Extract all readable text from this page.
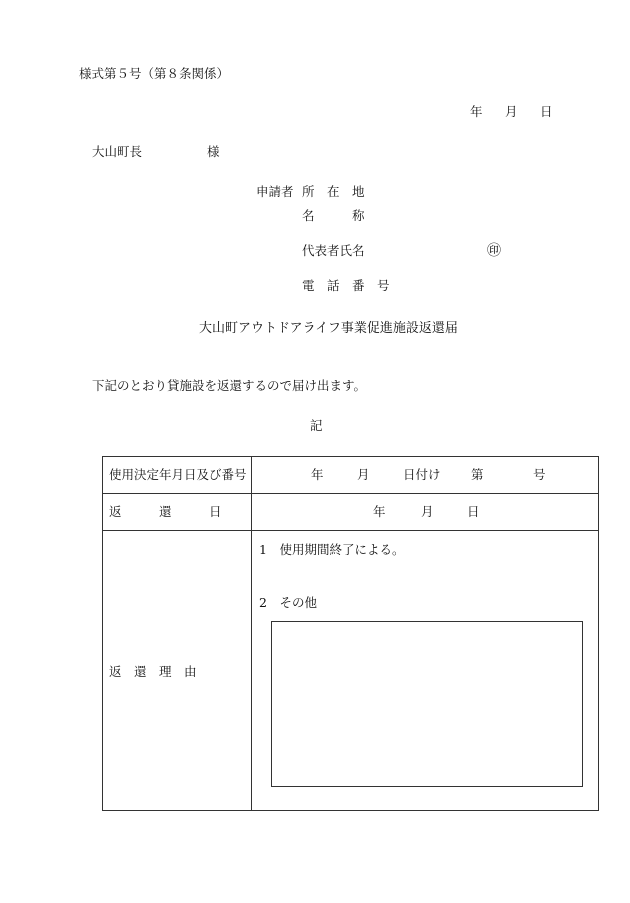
様式第５号（第８条関係）
年 月 日
大山町長	様
申請者 所　在　地
名　　　称
代表者氏名	㊞
電　話　番　号
大山町アウトドアライフ事業促進施設返還届
下記のとおり貸施設を返還するので届け出ます。
記
使用決定年月日及び番号	年	月	日付け 第	号
返　　　還　　　日	年	月	日
返　還　理　由
1　使用期間終了による。
2　その他
